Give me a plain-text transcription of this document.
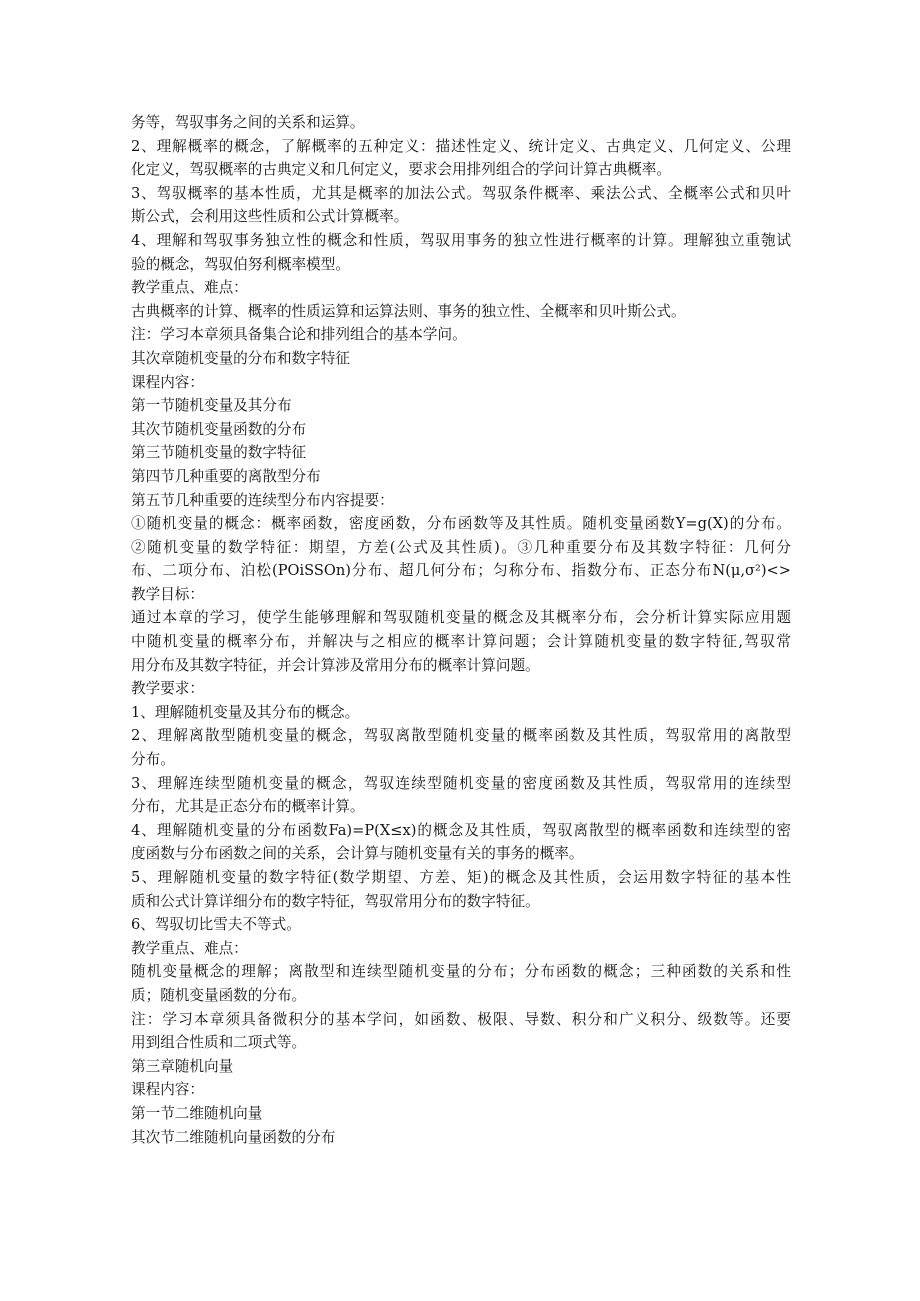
务等，驾驭事务之间的关系和运算。
2、理解概率的概念，了解概率的五种定义：描述性定义、统计定义、古典定义、几何定义、公理
化定义，驾驭概率的古典定义和几何定义，要求会用排列组合的学问计算古典概率。
3、驾驭概率的基本性质，尤其是概率的加法公式。驾驭条件概率、乘法公式、全概率公式和贝叶
斯公式，会利用这些性质和公式计算概率。
4、理解和驾驭事务独立性的概念和性质，驾驭用事务的独立性进行概率的计算。理解独立重匏试
验的概念，驾驭伯努利概率模型。
教学重点、难点：
古典概率的计算、概率的性质运算和运算法则、事务的独立性、全概率和贝叶斯公式。
注：学习本章须具备集合论和排列组合的基本学问。
其次章随机变量的分布和数字特征
课程内容：
第一节随机变量及其分布
其次节随机变量函数的分布
第三节随机变量的数字特征
第四节几种重要的离散型分布
第五节几种重要的连续型分布内容提要：
①随机变量的概念：概率函数，密度函数，分布函数等及其性质。随机变量函数Y=g(X)的分布。
②随机变量的数学特征：期望，方差(公式及其性质)。③几种重要分布及其数字特征：几何分
布、二项分布、泊松(POiSSOn)分布、超几何分布；匀称分布、指数分布、正态分布N(μ,σ²)<>
教学目标：
通过本章的学习，使学生能够理解和驾驭随机变量的概念及其概率分布，会分析计算实际应用题
中随机变量的概率分布，并解决与之相应的概率计算问题；会计算随机变量的数字特征,驾驭常
用分布及其数字特征，并会计算涉及常用分布的概率计算问题。
教学要求：
1、理解随机变量及其分布的概念。
2、理解离散型随机变量的概念，驾驭离散型随机变量的概率函数及其性质，驾驭常用的离散型
分布。
3、理解连续型随机变量的概念，驾驭连续型随机变量的密度函数及其性质，驾驭常用的连续型
分布，尤其是正态分布的概率计算。
4、理解随机变量的分布函数Fa)=P(X≤x)的概念及其性质，驾驭离散型的概率函数和连续型的密
度函数与分布函数之间的关系，会计算与随机变量有关的事务的概率。
5、理解随机变量的数字特征(数学期望、方差、矩)的概念及其性质，会运用数字特征的基本性
质和公式计算详细分布的数字特征，驾驭常用分布的数字特征。
6、驾驭切比雪夫不等式。
教学重点、难点：
随机变量概念的理解；离散型和连续型随机变量的分布；分布函数的概念；三种函数的关系和性
质；随机变量函数的分布。
注：学习本章须具备微积分的基本学问，如函数、极限、导数、积分和广义积分、级数等。还要
用到组合性质和二项式等。
第三章随机向量
课程内容：
第一节二维随机向量
其次节二维随机向量函数的分布
